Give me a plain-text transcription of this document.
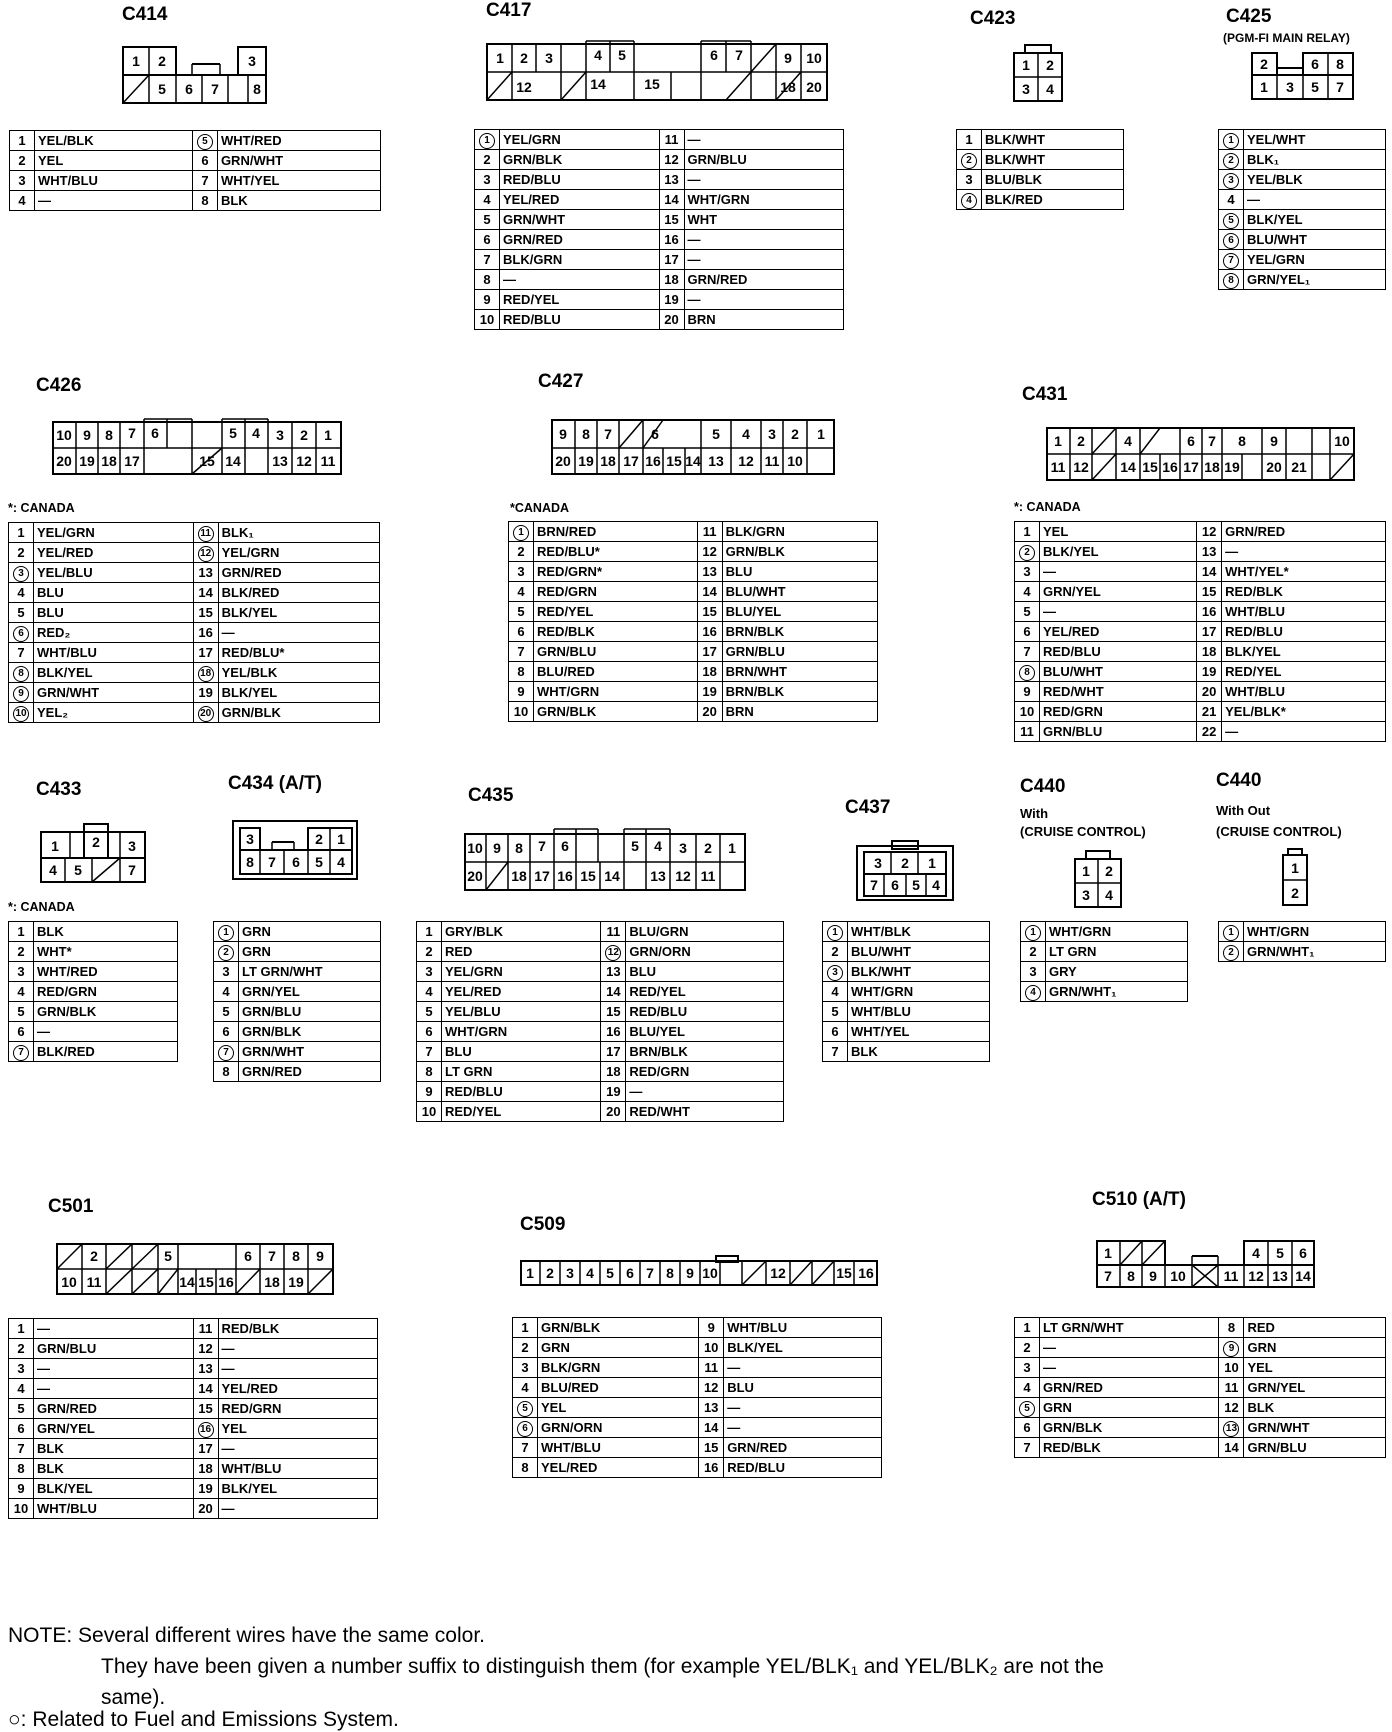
C414	C417	C423	C425
(PGM-FI MAIN RELAY)
C426	C427
C431
C433	C434 (A/T)
C435
C437
C440
With
(CRUISE CONTROL)
C440
With Out
(CRUISE CONTROL)
C501
C509
C510 (A/T)
*: CANADA	*CANADA	*: CANADA
*: CANADA
1 2	3
5 6 7 8
1 2 3	4 5	6 7	9 10
12	14	15	18 20
1 2
3 4
2	6 8
1 3 5 7
10 9 8 7 6	5 4 3 2 1
20 19 18 17	15 14 13 12 11
9 8 7	6	5 4 3 2 1
20 19 18 17 16 15 14 13 12 11 10
1 2	4	6 7 8 9	10
11 12 14 15 16 17 18 19 20 21
1 2 3
4 5	7
3	2 1
8 7 6 5 4
10 9 8 7 6	5 4 3 2 1
20 18 17 16 15 14 13 12 11
3 2 1
7 6 5 4
1 2
3 4
1
2
2	5	6 7 8 9
10 11	14 15 16 18 19
1 2 3 4 5 6 7 8 9 10	12	15 16
1	4 5 6
7 8 9 10	11 12 13 14
1	YEL/BLK	5	WHT/RED
2	YEL	6	GRN/WHT
3	WHT/BLU	7	WHT/YEL
4	—	8	BLK
1	YEL/GRN	11	—
2	GRN/BLK	12	GRN/BLU
3	RED/BLU	13	—
4	YEL/RED	14	WHT/GRN
5	GRN/WHT	15	WHT
6	GRN/RED	16	—
7	BLK/GRN	17	—
8	—	18	GRN/RED
9	RED/YEL	19	—
10	RED/BLU	20	BRN
1	BLK/WHT
2	BLK/WHT
3	BLU/BLK
4	BLK/RED
1	YEL/WHT
2	BLK₁
3	YEL/BLK
4	—
5	BLK/YEL
6	BLU/WHT
7	YEL/GRN
8	GRN/YEL₁
1	YEL/GRN	11	BLK₁
2	YEL/RED	12	YEL/GRN
3	YEL/BLU	13	GRN/RED
4	BLU	14	BLK/RED
5	BLU	15	BLK/YEL
6	RED₂	16	—
7	WHT/BLU	17	RED/BLU*
8	BLK/YEL	18	YEL/BLK
9	GRN/WHT	19	BLK/YEL
10	YEL₂	20	GRN/BLK
1	BRN/RED	11	BLK/GRN
2	RED/BLU*	12	GRN/BLK
3	RED/GRN*	13	BLU
4	RED/GRN	14	BLU/WHT
5	RED/YEL	15	BLU/YEL
6	RED/BLK	16	BRN/BLK
7	GRN/BLU	17	GRN/BLU
8	BLU/RED	18	BRN/WHT
9	WHT/GRN	19	BRN/BLK
10	GRN/BLK	20	BRN
1	YEL	12	GRN/RED
2	BLK/YEL	13	—
3	—	14	WHT/YEL*
4	GRN/YEL	15	RED/BLK
5	—	16	WHT/BLU
6	YEL/RED	17	RED/BLU
7	RED/BLU	18	BLK/YEL
8	BLU/WHT	19	RED/YEL
9	RED/WHT	20	WHT/BLU
10	RED/GRN	21	YEL/BLK*
11	GRN/BLU	22	—
1	BLK
2	WHT*
3	WHT/RED
4	RED/GRN
5	GRN/BLK
6	—
7	BLK/RED
1	GRN
2	GRN
3	LT GRN/WHT
4	GRN/YEL
5	GRN/BLU
6	GRN/BLK
7	GRN/WHT
8	GRN/RED
1	GRY/BLK	11	BLU/GRN
2	RED	12	GRN/ORN
3	YEL/GRN	13	BLU
4	YEL/RED	14	RED/YEL
5	YEL/BLU	15	RED/BLU
6	WHT/GRN	16	BLU/YEL
7	BLU	17	BRN/BLK
8	LT GRN	18	RED/GRN
9	RED/BLU	19	—
10	RED/YEL	20	RED/WHT
1	WHT/BLK
2	BLU/WHT
3	BLK/WHT
4	WHT/GRN
5	WHT/BLU
6	WHT/YEL
7	BLK
1	WHT/GRN
2	LT GRN
3	GRY
4	GRN/WHT₁
1	WHT/GRN
2	GRN/WHT₁
1	—	11	RED/BLK
2	GRN/BLU	12	—
3	—	13	—
4	—	14	YEL/RED
5	GRN/RED	15	RED/GRN
6	GRN/YEL	16	YEL
7	BLK	17	—
8	BLK	18	WHT/BLU
9	BLK/YEL	19	BLK/YEL
10	WHT/BLU	20	—
1	GRN/BLK	9	WHT/BLU
2	GRN	10	BLK/YEL
3	BLK/GRN	11	—
4	BLU/RED	12	BLU
5	YEL	13	—
6	GRN/ORN	14	—
7	WHT/BLU	15	GRN/RED
8	YEL/RED	16	RED/BLU
1	LT GRN/WHT	8	RED
2	—	9	GRN
3	—	10	YEL
4	GRN/RED	11	GRN/YEL
5	GRN	12	BLK
6	GRN/BLK	13	GRN/WHT
7	RED/BLK	14	GRN/BLU
NOTE: Several different wires have the same color.
They have been given a number suffix to distinguish them (for example YEL/BLK₁ and YEL/BLK₂ are not the
same).
○: Related to Fuel and Emissions System.
